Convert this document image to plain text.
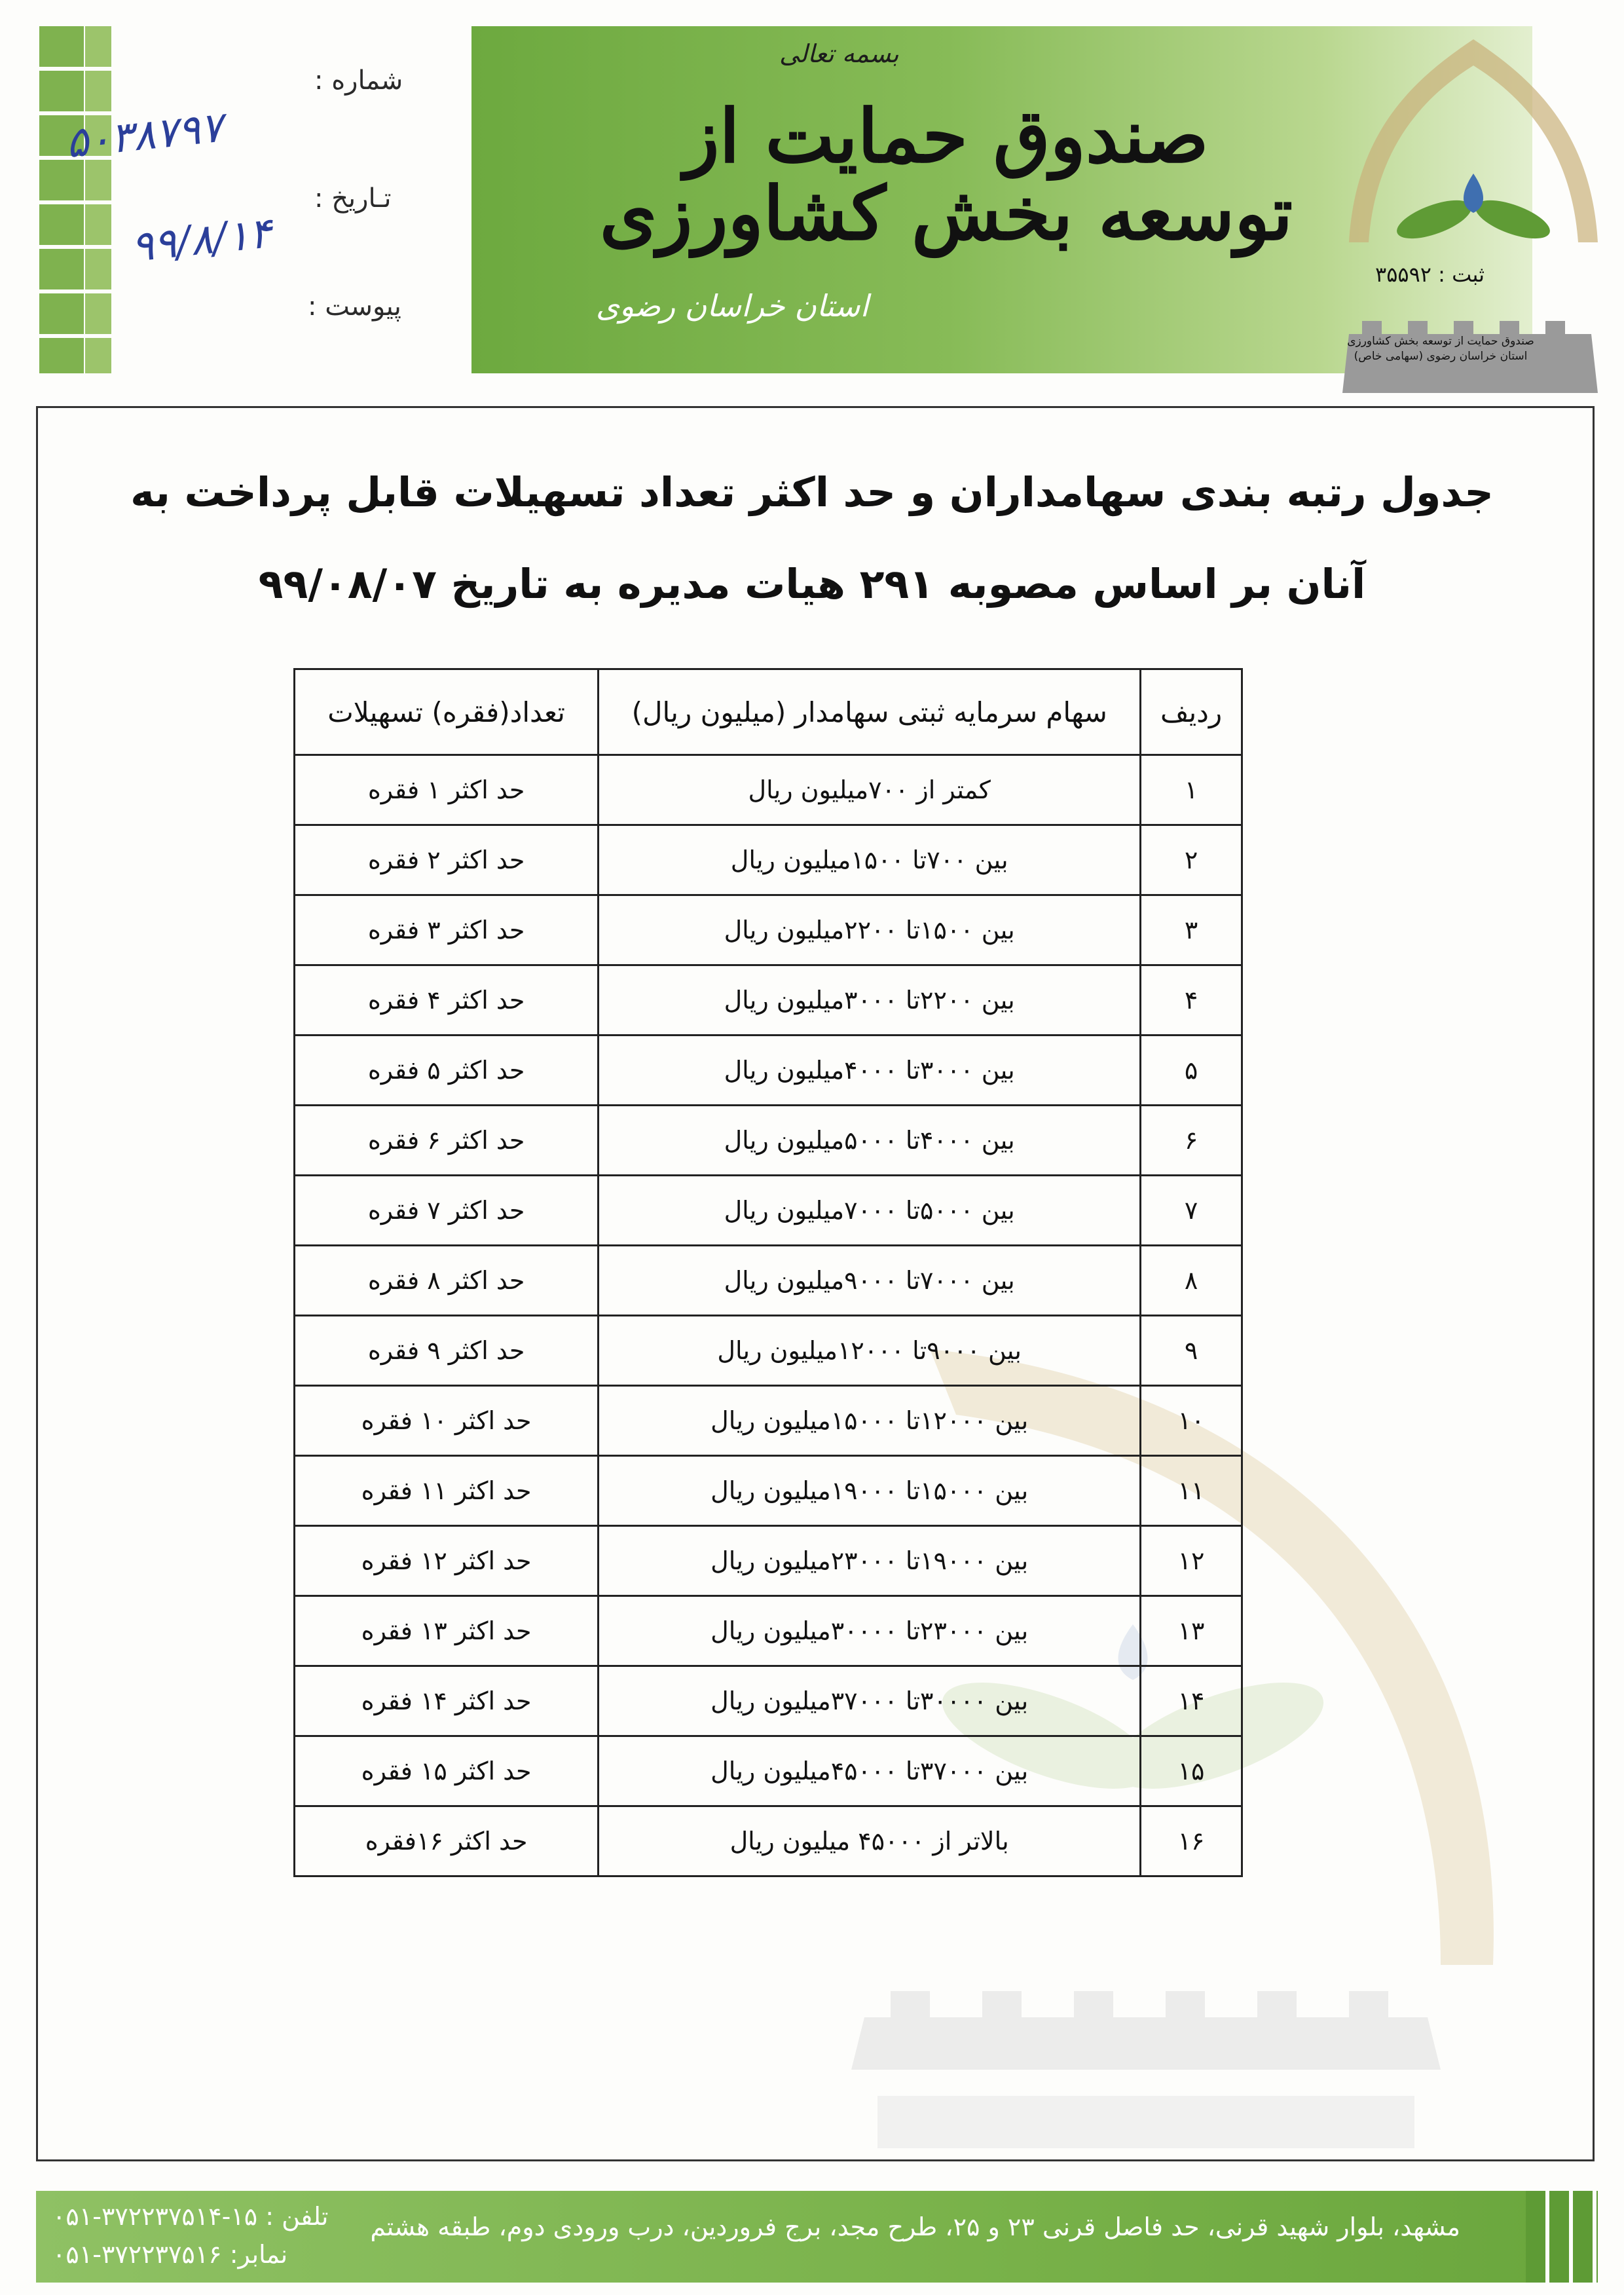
شماره :
تـاریخ :
پیوست :
۵۰۳۸۷۹۷
۹۹/۸/۱۴
بسمه تعالی
صندوق حمایت از توسعه بخش کشاورزی
استان خراسان رضوی
ثبت : ۳۵۵۹۲
صندوق حمایت از توسعه بخش کشاورزی استان خراسان رضوی (سهامی خاص)
جدول رتبه بندی سهامداران و حد اکثر تعداد تسهیلات قابل پرداخت به
آنان بر اساس مصوبه ۲۹۱ هیات مدیره به تاریخ ۹۹/۰۸/۰۷
ردیف	سهام سرمایه ثبتی سهامدار (میلیون ریال)	تعداد(فقره) تسهیلات
۱	کمتر از ۷۰۰میلیون ریال	حد اکثر ۱ فقره
۲	بین ۷۰۰تا ۱۵۰۰میلیون ریال	حد اکثر ۲ فقره
۳	بین ۱۵۰۰تا ۲۲۰۰میلیون ریال	حد اکثر ۳ فقره
۴	بین ۲۲۰۰تا ۳۰۰۰میلیون ریال	حد اکثر ۴ فقره
۵	بین ۳۰۰۰تا ۴۰۰۰میلیون ریال	حد اکثر ۵ فقره
۶	بین ۴۰۰۰تا ۵۰۰۰میلیون ریال	حد اکثر ۶ فقره
۷	بین ۵۰۰۰تا ۷۰۰۰میلیون ریال	حد اکثر ۷ فقره
۸	بین ۷۰۰۰تا ۹۰۰۰میلیون ریال	حد اکثر ۸ فقره
۹	بین ۹۰۰۰تا ۱۲۰۰۰میلیون ریال	حد اکثر ۹ فقره
۱۰	بین ۱۲۰۰۰تا ۱۵۰۰۰میلیون ریال	حد اکثر ۱۰ فقره
۱۱	بین ۱۵۰۰۰تا ۱۹۰۰۰میلیون ریال	حد اکثر ۱۱ فقره
۱۲	بین ۱۹۰۰۰تا ۲۳۰۰۰میلیون ریال	حد اکثر ۱۲ فقره
۱۳	بین ۲۳۰۰۰تا ۳۰۰۰۰میلیون ریال	حد اکثر ۱۳ فقره
۱۴	بین ۳۰۰۰۰تا ۳۷۰۰۰میلیون ریال	حد اکثر ۱۴ فقره
۱۵	بین ۳۷۰۰۰تا ۴۵۰۰۰میلیون ریال	حد اکثر ۱۵ فقره
۱۶	بالاتر از ۴۵۰۰۰ میلیون ریال	حد اکثر ۱۶فقره
مشهد، بلوار شهید قرنی، حد فاصل قرنی ۲۳ و ۲۵، طرح مجد، برج فروردین، درب ورودی دوم، طبقه هشتم
تلفن : ۱۵-۳۷۲۲۳۷۵۱۴-۰۵۱
نمابر: ۳۷۲۲۳۷۵۱۶-۰۵۱
